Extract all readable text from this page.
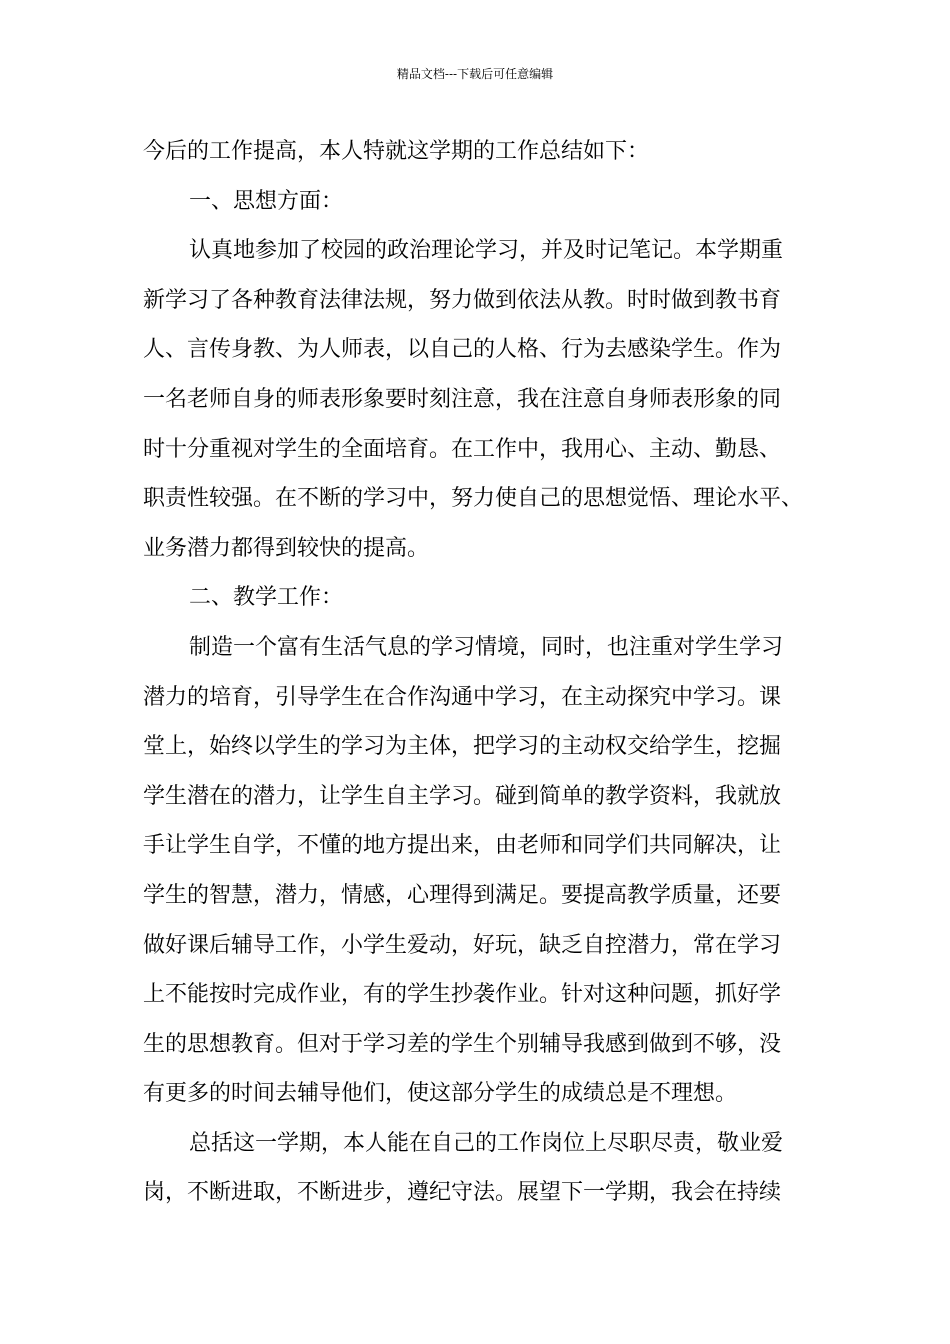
精品文档---下载后可任意编辑
今后的工作提高，本人特就这学期的工作总结如下：
一、思想方面：
认真地参加了校园的政治理论学习，并及时记笔记。本学期重
新学习了各种教育法律法规，努力做到依法从教。时时做到教书育
人、言传身教、为人师表，以自己的人格、行为去感染学生。作为
一名老师自身的师表形象要时刻注意，我在注意自身师表形象的同
时十分重视对学生的全面培育。在工作中，我用心、主动、勤恳、
职责性较强。在不断的学习中，努力使自己的思想觉悟、理论水平、
业务潜力都得到较快的提高。
二、教学工作：
制造一个富有生活气息的学习情境，同时，也注重对学生学习
潜力的培育，引导学生在合作沟通中学习，在主动探究中学习。课
堂上，始终以学生的学习为主体，把学习的主动权交给学生，挖掘
学生潜在的潜力，让学生自主学习。碰到简单的教学资料，我就放
手让学生自学，不懂的地方提出来，由老师和同学们共同解决，让
学生的智慧，潜力，情感，心理得到满足。要提高教学质量，还要
做好课后辅导工作，小学生爱动，好玩，缺乏自控潜力，常在学习
上不能按时完成作业，有的学生抄袭作业。针对这种问题，抓好学
生的思想教育。但对于学习差的学生个别辅导我感到做到不够，没
有更多的时间去辅导他们，使这部分学生的成绩总是不理想。
总括这一学期，本人能在自己的工作岗位上尽职尽责，敬业爱
岗，不断进取，不断进步，遵纪守法。展望下一学期，我会在持续
